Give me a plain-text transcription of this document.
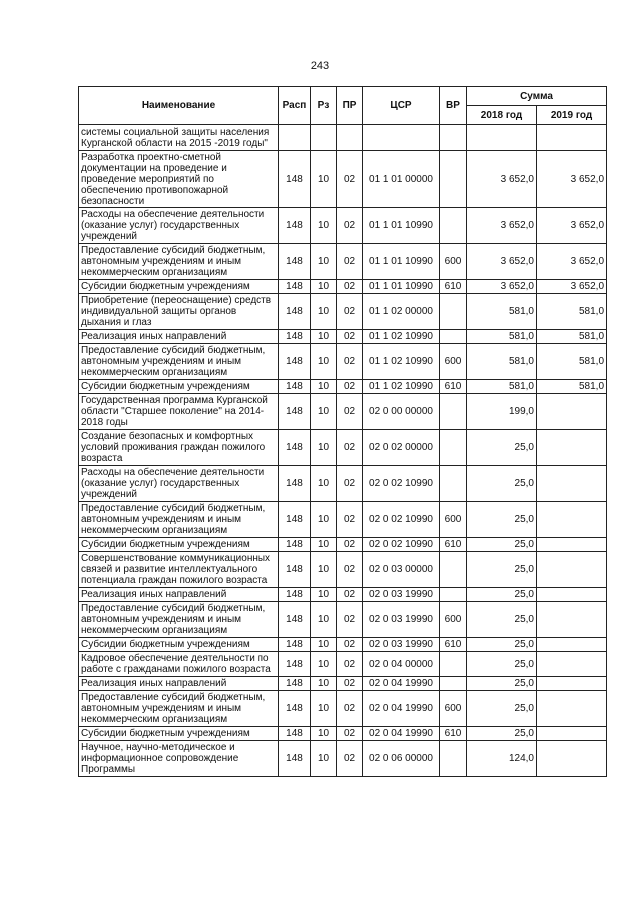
243
Наименование	Расп	Рз	ПР	ЦСР	ВР	Сумма	
						2018 год	2019 год
системы социальной защиты населения Курганской области на 2015 -2019 годы"							
Разработка проектно-сметной документации на проведение и проведение мероприятий по обеспечению противопожарной безопасности	148	10	02	01 1 01 00000		3 652,0	3 652,0
Расходы на обеспечение деятельности (оказание услуг) государственных учреждений	148	10	02	01 1 01 10990		3 652,0	3 652,0
Предоставление субсидий бюджетным, автономным учреждениям и иным некоммерческим организациям	148	10	02	01 1 01 10990	600	3 652,0	3 652,0
Субсидии бюджетным учреждениям	148	10	02	01 1 01 10990	610	3 652,0	3 652,0
Приобретение (переоснащение) средств индивидуальной защиты органов дыхания и глаз	148	10	02	01 1 02 00000		581,0	581,0
Реализация иных направлений	148	10	02	01 1 02 10990		581,0	581,0
Предоставление субсидий бюджетным, автономным учреждениям и иным некоммерческим организациям	148	10	02	01 1 02 10990	600	581,0	581,0
Субсидии бюджетным учреждениям	148	10	02	01 1 02 10990	610	581,0	581,0
Государственная программа Курганской области "Старшее поколение" на 2014-2018 годы	148	10	02	02 0 00 00000		199,0	
Создание безопасных и комфортных условий проживания граждан пожилого возраста	148	10	02	02 0 02 00000		25,0	
Расходы на обеспечение деятельности (оказание услуг) государственных учреждений	148	10	02	02 0 02 10990		25,0	
Предоставление субсидий бюджетным, автономным учреждениям и иным некоммерческим организациям	148	10	02	02 0 02 10990	600	25,0	
Субсидии бюджетным учреждениям	148	10	02	02 0 02 10990	610	25,0	
Совершенствование коммуникационных связей и развитие интеллектуального потенциала граждан пожилого возраста	148	10	02	02 0 03 00000		25,0	
Реализация иных направлений	148	10	02	02 0 03 19990		25,0	
Предоставление субсидий бюджетным, автономным учреждениям и иным некоммерческим организациям	148	10	02	02 0 03 19990	600	25,0	
Субсидии бюджетным учреждениям	148	10	02	02 0 03 19990	610	25,0	
Кадровое обеспечение деятельности по работе с гражданами пожилого возраста	148	10	02	02 0 04 00000		25,0	
Реализация иных направлений	148	10	02	02 0 04 19990		25,0	
Предоставление субсидий бюджетным, автономным учреждениям и иным некоммерческим организациям	148	10	02	02 0 04 19990	600	25,0	
Субсидии бюджетным учреждениям	148	10	02	02 0 04 19990	610	25,0	
Научное, научно-методическое и информационное сопровождение Программы	148	10	02	02 0 06 00000		124,0	
